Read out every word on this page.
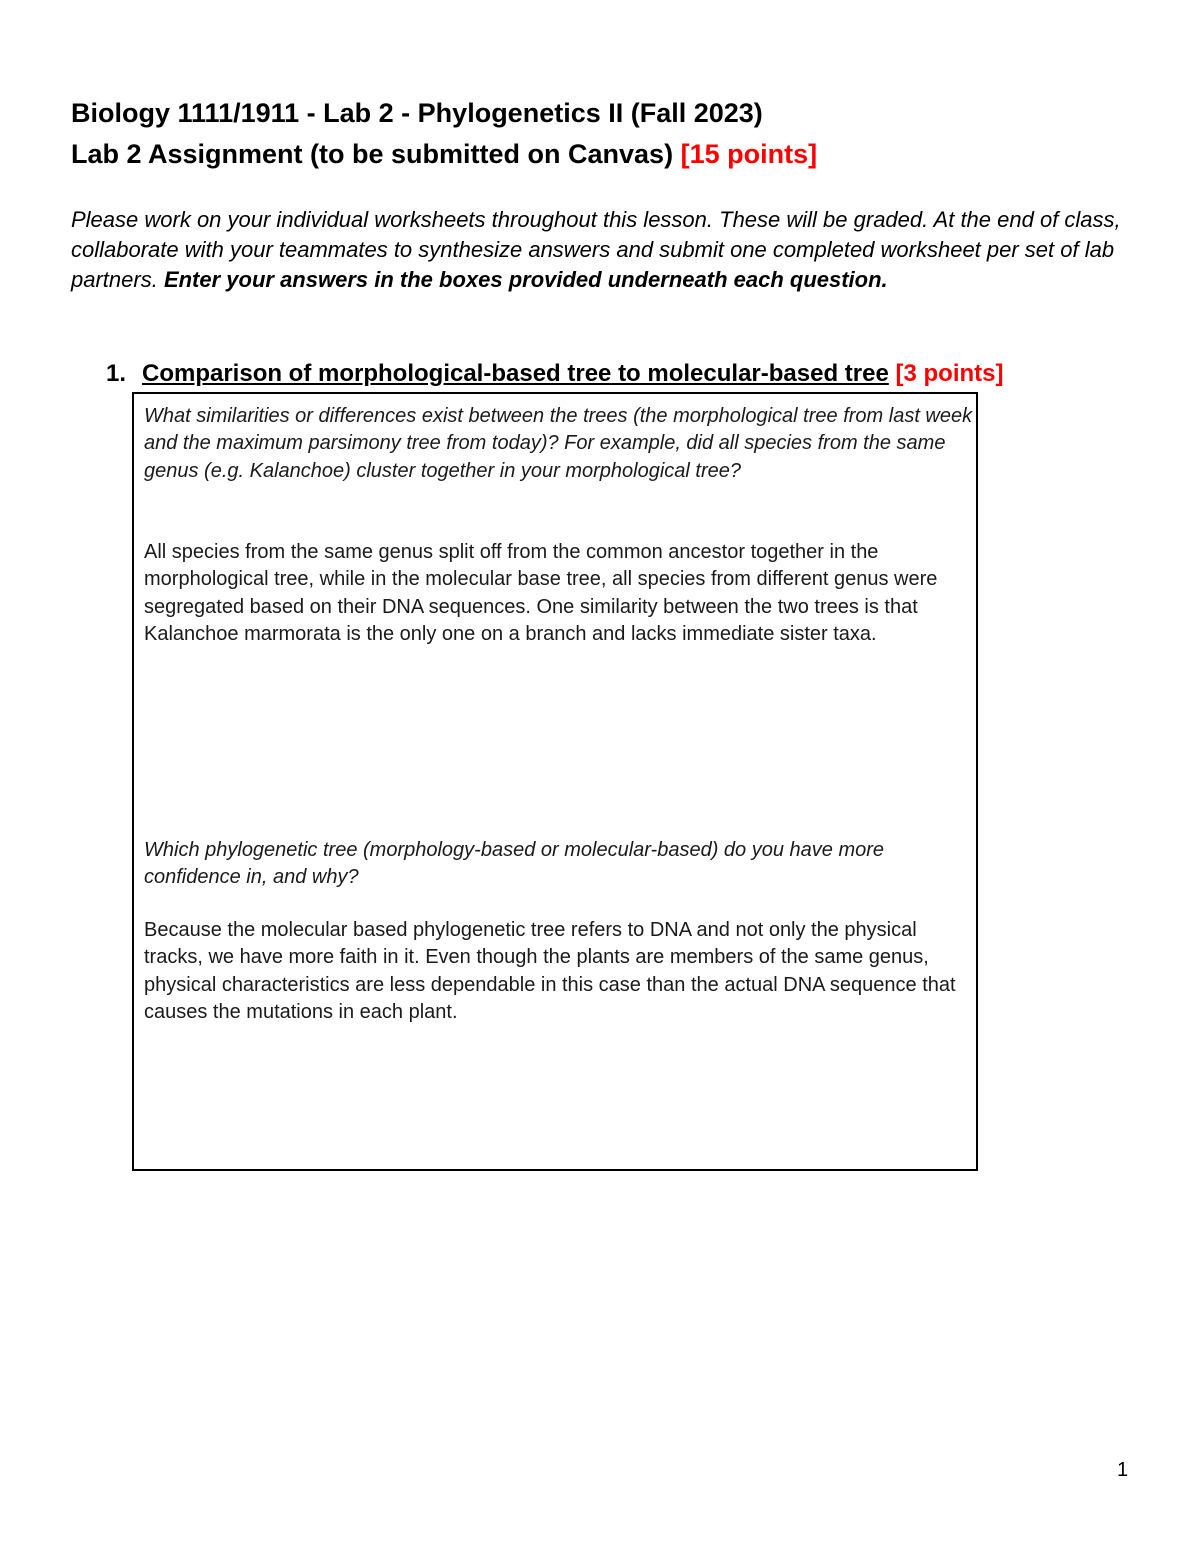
Biology 1111/1911 - Lab 2 - Phylogenetics II (Fall 2023)
Lab 2 Assignment (to be submitted on Canvas) [15 points]
Please work on your individual worksheets throughout this lesson. These will be graded. At the end of class, collaborate with your teammates to synthesize answers and submit one completed worksheet per set of lab partners. Enter your answers in the boxes provided underneath each question.
1. Comparison of morphological-based tree to molecular-based tree [3 points]
What similarities or differences exist between the trees (the morphological tree from last week and the maximum parsimony tree from today)? For example, did all species from the same genus (e.g. Kalanchoe) cluster together in your morphological tree?
All species from the same genus split off from the common ancestor together in the morphological tree, while in the molecular base tree, all species from different genus were segregated based on their DNA sequences. One similarity between the two trees is that Kalanchoe marmorata is the only one on a branch and lacks immediate sister taxa.
Which phylogenetic tree (morphology-based or molecular-based) do you have more confidence in, and why?
Because the molecular based phylogenetic tree refers to DNA and not only the physical tracks, we have more faith in it. Even though the plants are members of the same genus, physical characteristics are less dependable in this case than the actual DNA sequence that causes the mutations in each plant.
1
